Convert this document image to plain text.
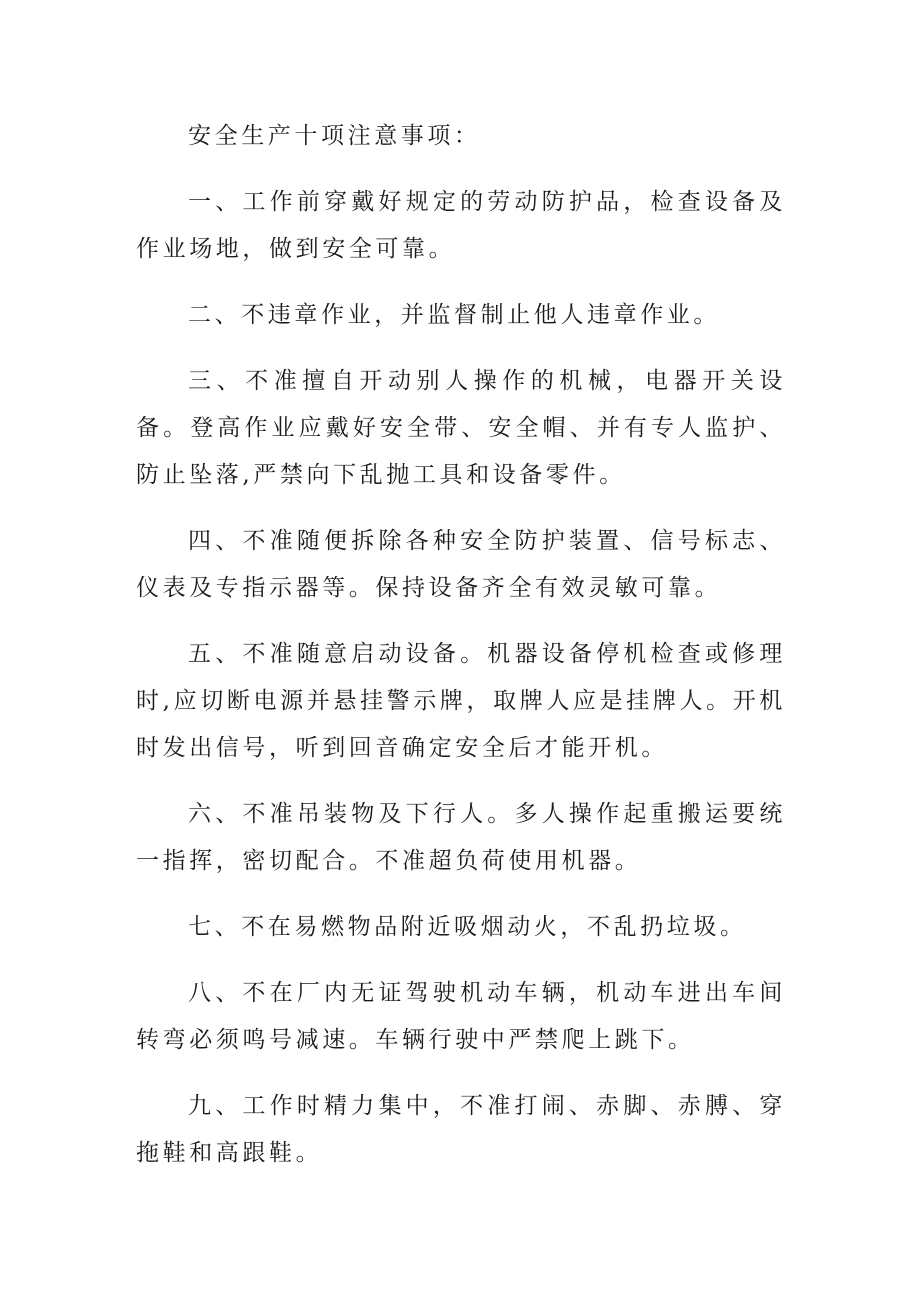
安全生产十项注意事项：

一、工作前穿戴好规定的劳动防护品，检查设备及作业场地，做到安全可靠。

二、不违章作业，并监督制止他人违章作业。

三、不准擅自开动别人操作的机械，电器开关设备。登高作业应戴好安全带、安全帽、并有专人监护、防止坠落,严禁向下乱抛工具和设备零件。

四、不准随便拆除各种安全防护装置、信号标志、仪表及专指示器等。保持设备齐全有效灵敏可靠。

五、不准随意启动设备。机器设备停机检查或修理时,应切断电源并悬挂警示牌，取牌人应是挂牌人。开机时发出信号，听到回音确定安全后才能开机。

六、不准吊装物及下行人。多人操作起重搬运要统一指挥，密切配合。不准超负荷使用机器。

七、不在易燃物品附近吸烟动火，不乱扔垃圾。

八、不在厂内无证驾驶机动车辆，机动车进出车间转弯必须鸣号减速。车辆行驶中严禁爬上跳下。

九、工作时精力集中，不准打闹、赤脚、赤膊、穿拖鞋和高跟鞋。
